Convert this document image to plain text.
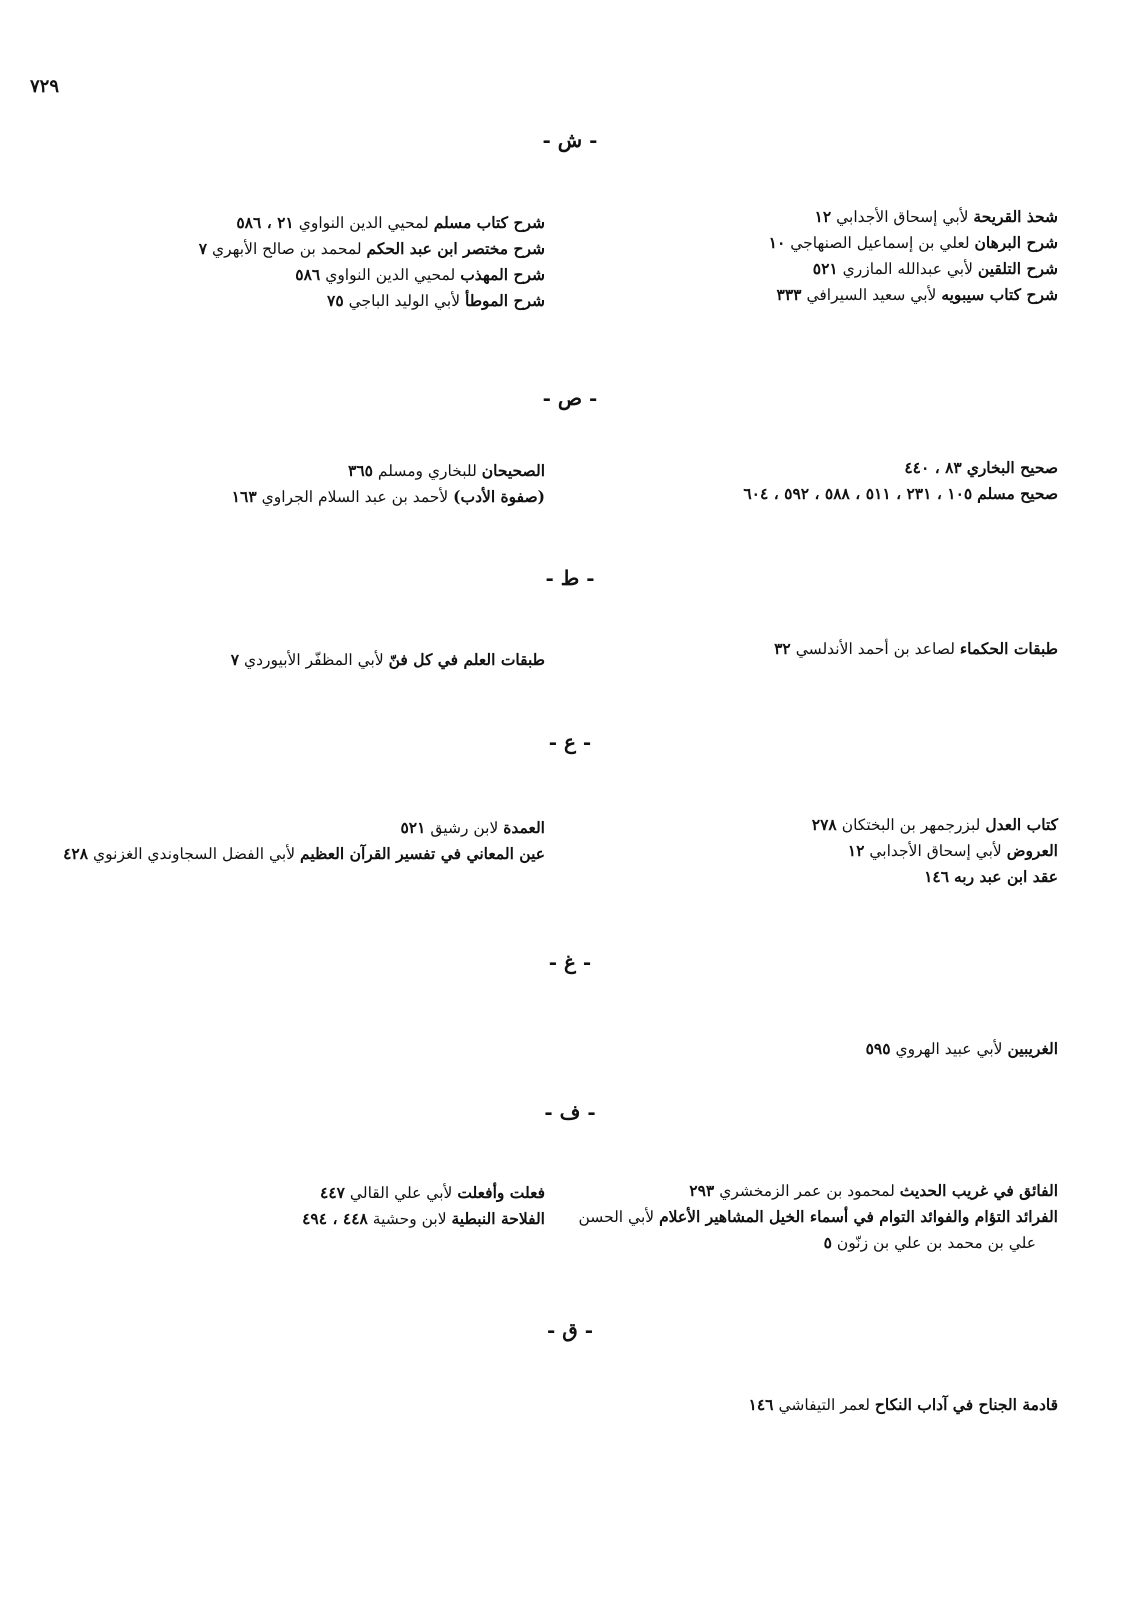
٧٢٩
- ش -
شحذ القريحة لأبي إسحاق الأجدابي ١٢
شرح البرهان لعلي بن إسماعيل الصنهاجي ١٠
شرح التلقين لأبي عبدالله المازري ٥٢١
شرح كتاب سيبويه لأبي سعيد السيرافي ٣٣٣
شرح كتاب مسلم لمحيي الدين النواوي ٢١ ، ٥٨٦
شرح مختصر ابن عبد الحكم لمحمد بن صالح الأبهري ٧
شرح المهذب لمحيي الدين النواوي ٥٨٦
شرح الموطأ لأبي الوليد الباجي ٧٥
- ص -
صحيح البخاري ٨٣ ، ٤٤٠
صحيح مسلم ١٠٥ ، ٢٣١ ، ٥١١ ، ٥٨٨ ، ٥٩٢ ، ٦٠٤
الصحيحان للبخاري ومسلم ٣٦٥
(صفوة الأدب) لأحمد بن عبد السلام الجراوي ١٦٣
- ط -
طبقات الحكماء لصاعد بن أحمد الأندلسي ٣٢
طبقات العلم في كل فنّ لأبي المظفّر الأبيوردي ٧
- ع -
كتاب العدل لبزرجمهر بن البختكان ٢٧٨
العروض لأبي إسحاق الأجدابي ١٢
عقد ابن عبد ربه ١٤٦
العمدة لابن رشيق ٥٢١
عين المعاني في تفسير القرآن العظيم لأبي الفضل السجاوندي الغزنوي ٤٢٨
- غ -
الغريبين لأبي عبيد الهروي ٥٩٥
- ف -
الفائق في غريب الحديث لمحمود بن عمر الزمخشري ٢٩٣
الفرائد التؤام والفوائد التوام في أسماء الخيل المشاهير الأعلام لأبي الحسن
علي بن محمد بن علي بن زنّون ٥
فعلت وأفعلت لأبي علي القالي ٤٤٧
الفلاحة النبطية لابن وحشية ٤٤٨ ، ٤٩٤
- ق -
قادمة الجناح في آداب النكاح لعمر التيفاشي ١٤٦
